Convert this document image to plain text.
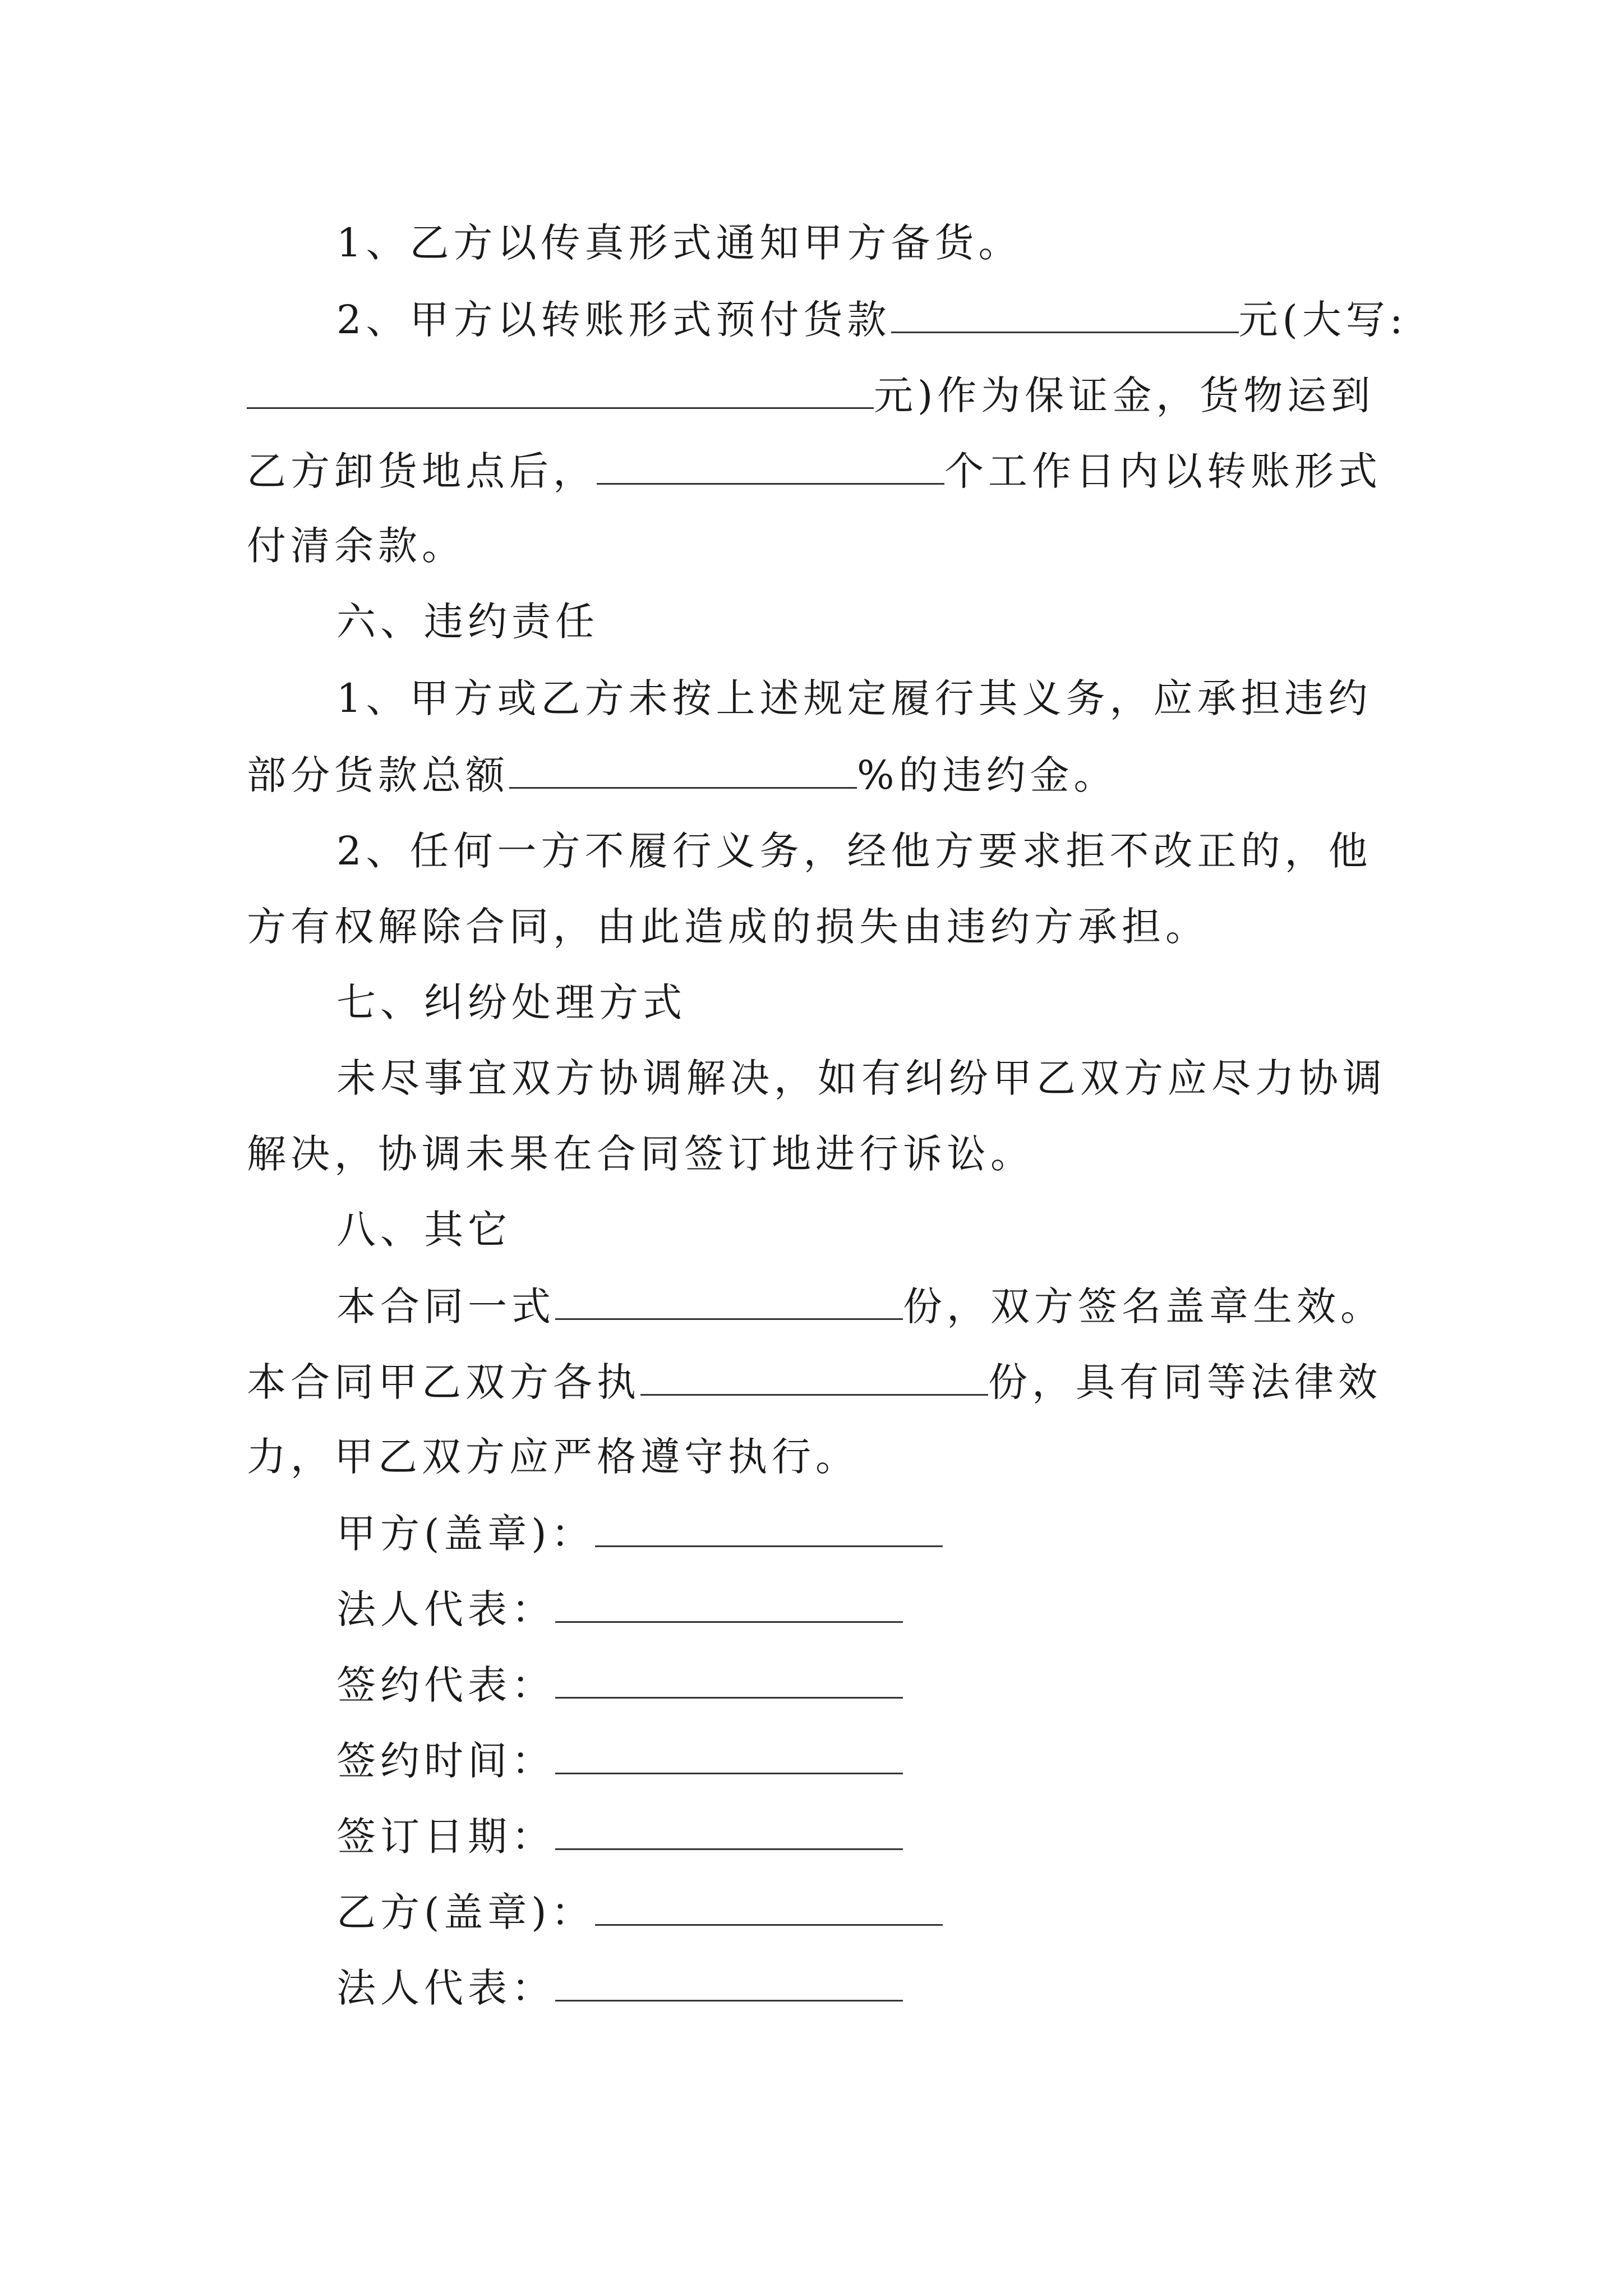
1、乙方以传真形式通知甲方备货。
2、甲方以转账形式预付货款	元(大写:
元)作为保证金，货物运到
乙方卸货地点后，	个工作日内以转账形式
付清余款。
六、违约责任
1、甲方或乙方未按上述规定履行其义务，应承担违约
部分货款总额	%的违约金。
2、任何一方不履行义务，经他方要求拒不改正的，他
方有权解除合同，由此造成的损失由违约方承担。
七、纠纷处理方式
未尽事宜双方协调解决，如有纠纷甲乙双方应尽力协调
解决，协调未果在合同签订地进行诉讼。
八、其它
本合同一式	份，双方签名盖章生效。
本合同甲乙双方各执	份，具有同等法律效
力，甲乙双方应严格遵守执行。
甲方(盖章)：
法人代表：
签约代表：
签约时间：
签订日期：
乙方(盖章)：
法人代表：
